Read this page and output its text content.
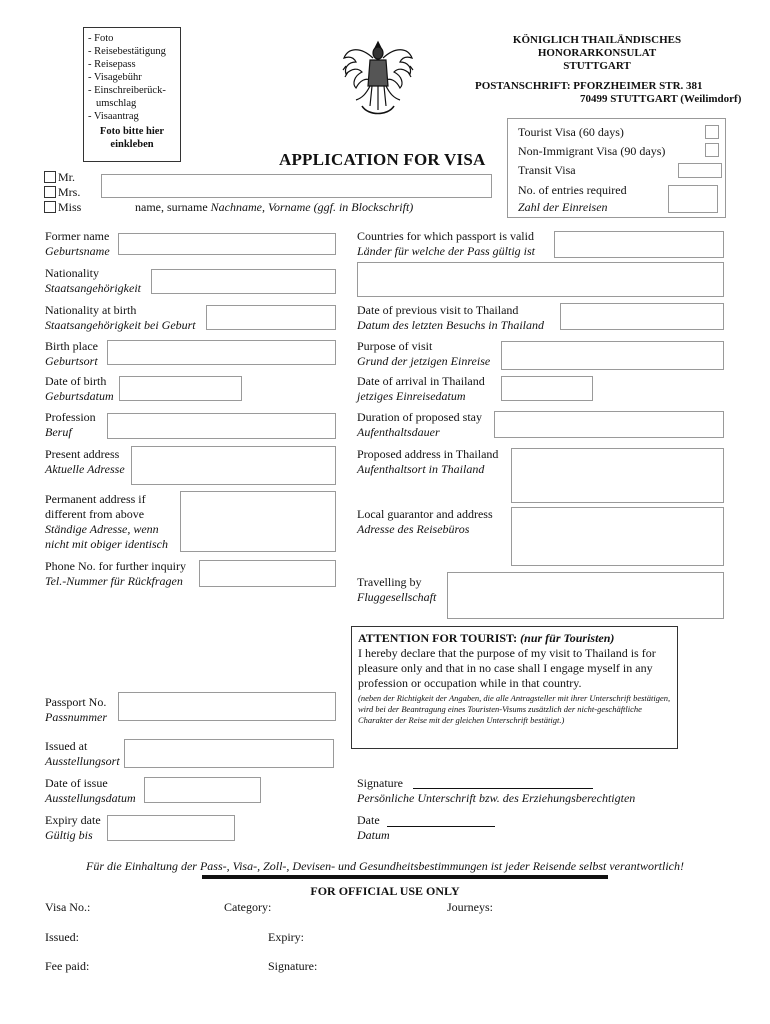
- Foto
- Reisebestätigung
- Reisepass
- Visagebühr
- Einschreiberück-
umschlag
- Visaantrag
Foto bitte hier
einkleben
KÖNIGLICH THAILÄNDISCHES
HONORARKONSULAT
STUTTGART
POSTANSCHRIFT: PFORZHEIMER STR. 381
70499 STUTTGART (Weilimdorf)
APPLICATION FOR VISA
Tourist Visa (60 days)
Non-Immigrant Visa (90 days)
Transit Visa
No. of entries required
Zahl der Einreisen
Mr.
Mrs.
Miss	name, surname Nachname, Vorname (ggf. in Blockschrift)
Former name
Geburtsname
Nationality
Staatsangehörigkeit
Nationality at birth
Staatsangehörigkeit bei Geburt
Birth place
Geburtsort
Date of birth
Geburtsdatum
Profession
Beruf
Present address
Aktuelle Adresse
Permanent address if
different from above
Ständige Adresse, wenn
nicht mit obiger identisch
Phone No. for further inquiry
Tel.-Nummer für Rückfragen
Passport No.
Passnummer
Issued at
Ausstellungsort
Date of issue
Ausstellungsdatum
Expiry date
Gültig bis
Countries for which passport is valid
Länder für welche der Pass gültig ist
Date of previous visit to Thailand
Datum des letzten Besuchs in Thailand
Purpose of visit
Grund der jetzigen Einreise
Date of arrival in Thailand
jetziges Einreisedatum
Duration of proposed stay
Aufenthaltsdauer
Proposed address in Thailand
Aufenthaltsort in Thailand
Local guarantor and address
Adresse des Reisebüros
Travelling by
Fluggesellschaft
ATTENTION FOR TOURIST: (nur für Touristen)
I hereby declare that the purpose of my visit to Thailand is for pleasure only and that in no case shall I engage myself in any profession or occupation while in that country.
(neben der Richtigkeit der Angaben, die alle Antragsteller mit ihrer Unterschrift bestätigen, wird bei der Beantragung eines Touristen-Visums zusätzlich der nicht-geschäftliche Charakter der Reise mit der gleichen Unterschrift bestätigt.)
Signature
Persönliche Unterschrift bzw. des Erziehungsberechtigten
Date
Datum
Für die Einhaltung der Pass-, Visa-, Zoll-, Devisen- und Gesundheitsbestimmungen ist jeder Reisende selbst verantwortlich!
FOR OFFICIAL USE ONLY
Visa No.:	Category:	Journeys:
Issued:	Expiry:
Fee paid:	Signature:
